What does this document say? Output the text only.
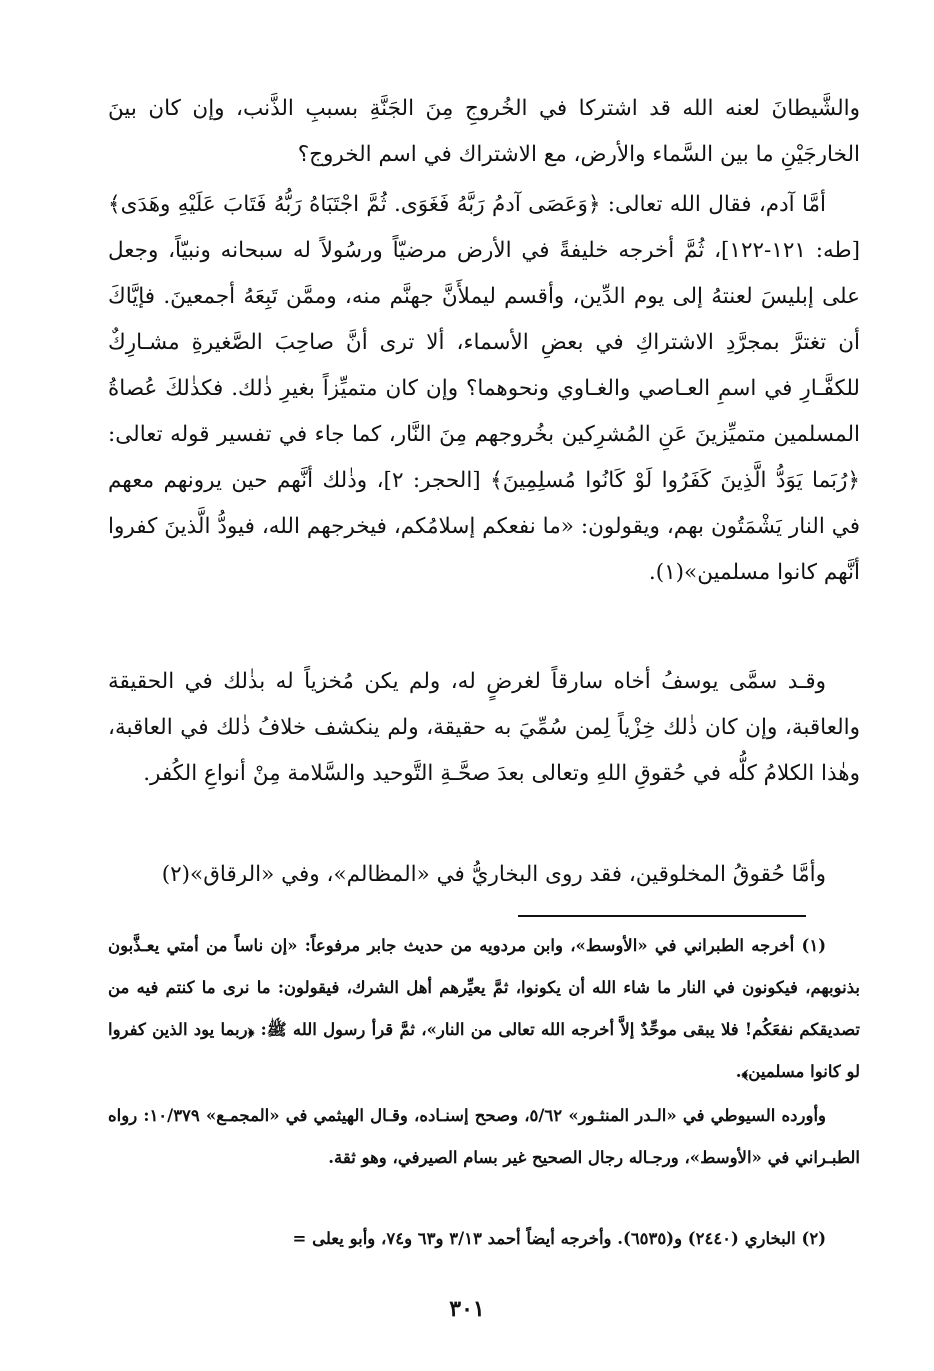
والشَّيطانَ لعنه الله قد اشتركا في الخُروجِ مِنَ الجَنَّةِ بسببِ الذَّنب، وإن كان بينَ الخارجَيْنِ ما بين السَّماء والأرض، مع الاشتراك في اسم الخروج؟

أمَّا آدم، فقال الله تعالى: ﴿وَعَصَى آدمُ رَبَّهُ فَغَوَى. ثُمَّ اجْتَبَاهُ رَبُّهُ فَتَابَ عَلَيْهِ وهَدَى﴾ [طه: ١٢١-١٢٢]، ثُمَّ أخرجه خليفةً في الأرض مرضيّاً ورسُولاً له سبحانه ونبيّاً، وجعل على إبليسَ لعنتهُ إلى يوم الدِّين، وأقسم ليملأَنَّ جهنَّم منه، وممَّن تَبِعَهُ أجمعينَ. فإيَّاكَ أن تغترَّ بمجرَّدِ الاشتراكِ في بعضِ الأسماء، ألا ترى أنَّ صاحِبَ الصَّغيرةِ مشـارِكٌ للكفَّـارِ في اسمِ العـاصي والغـاوي ونحوهما؟ وإن كان متميِّزاً بغيرِ ذٰلك. فكذٰلكَ عُصاةُ المسلمين متميِّزينَ عَنِ المُشرِكين بخُروجهم مِنَ النَّار، كما جاء في تفسير قوله تعالى: ﴿رُبَما يَوَدُّ الَّذِينَ كَفَرُوا لَوْ كَانُوا مُسلِمِينَ﴾ [الحجر: ٢]، وذٰلك أنَّهم حين يرونهم معهم في النار يَشْمَتُون بهم، ويقولون: «ما نفعكم إسلامُكم، فيخرجهم الله، فيودُّ الَّذينَ كفروا أنَّهم كانوا مسلمين»(١).

وقـد سمَّى يوسفُ أخاه سارقاً لغرضٍ له، ولم يكن مُخزياً له بذٰلك في الحقيقة والعاقبة، وإن كان ذٰلك خِزْياً لِمن سُمِّيَ به حقيقة، ولم ينكشف خلافُ ذٰلك في العاقبة، وهٰذا الكلامُ كلُّه في حُقوقِ اللهِ وتعالى بعدَ صحَّـةِ التَّوحيد والسَّلامة مِنْ أنواعِ الكُفر.

وأمَّا حُقوقُ المخلوقين، فقد روى البخاريُّ في «المظالم»، وفي «الرقاق»(٢)

(١) أخرجه الطبراني في «الأوسط»، وابن مردويه من حديث جابر مرفوعاً: «إن ناساً من أمتي يعـذَّبون بذنوبهم، فيكونون في النار ما شاء الله أن يكونوا، ثمَّ يعيِّرهم أهل الشرك، فيقولون: ما نرى ما كنتم فيه من تصديقكم نفعَكُم! فلا يبقى موحِّدٌ إلاَّ أخرجه الله تعالى من النار»، ثمَّ قرأ رسول الله ﷺ: ﴿ربما يود الذين كفروا لو كانوا مسلمين﴾.

وأورده السيوطي في «الـدر المنثـور» ٥/٦٢، وصحح إسنـاده، وقـال الهيثمي في «المجمـع» ١٠/٣٧٩: رواه الطبـراني في «الأوسط»، ورجـاله رجال الصحيح غير بسام الصيرفي، وهو ثقة.

(٢) البخاري (٢٤٤٠) و(٦٥٣٥). وأخرجه أيضاً أحمد ٣/١٣ و٦٣ و٧٤، وأبو يعلى =

٣٠١
